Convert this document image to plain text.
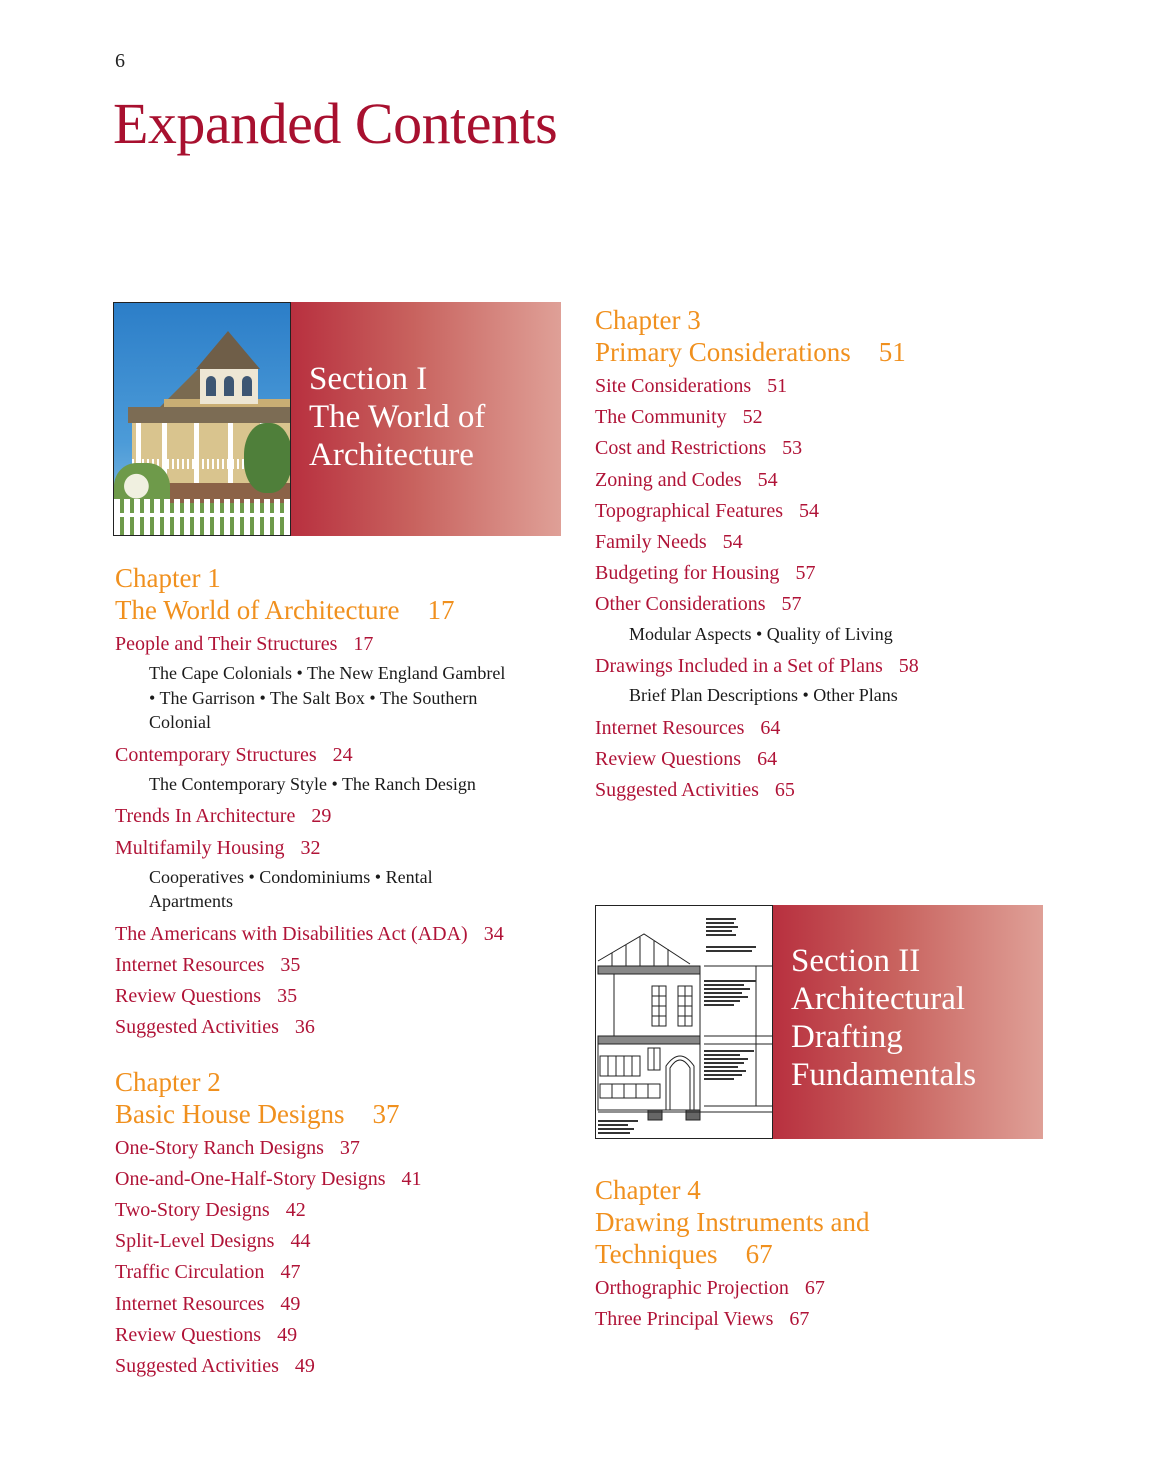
6
Expanded Contents
Section I
The World of
Architecture
Chapter 1
The World of Architecture 17
People and Their Structures 17
The Cape Colonials • The New England Gambrel • The Garrison • The Salt Box • The Southern Colonial
Contemporary Structures 24
The Contemporary Style • The Ranch Design
Trends In Architecture 29
Multifamily Housing 32
Cooperatives • Condominiums • Rental Apartments
The Americans with Disabilities Act (ADA) 34
Internet Resources 35
Review Questions 35
Suggested Activities 36
Chapter 2
Basic House Designs 37
One-Story Ranch Designs 37
One-and-One-Half-Story Designs 41
Two-Story Designs 42
Split-Level Designs 44
Traffic Circulation 47
Internet Resources 49
Review Questions 49
Suggested Activities 49
Chapter 3
Primary Considerations 51
Site Considerations 51
The Community 52
Cost and Restrictions 53
Zoning and Codes 54
Topographical Features 54
Family Needs 54
Budgeting for Housing 57
Other Considerations 57
Modular Aspects • Quality of Living
Drawings Included in a Set of Plans 58
Brief Plan Descriptions • Other Plans
Internet Resources 64
Review Questions 64
Suggested Activities 65
Section II
Architectural
Drafting
Fundamentals
Chapter 4
Drawing Instruments and
Techniques 67
Orthographic Projection 67
Three Principal Views 67
